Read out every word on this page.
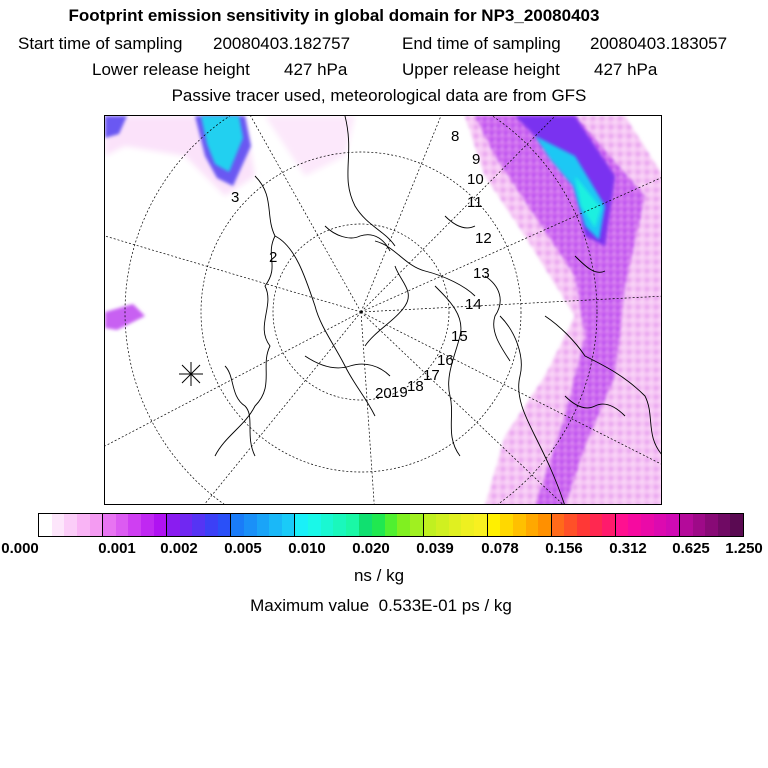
Footprint emission sensitivity in global domain for NP3_20080403
Start time of sampling 20080403.182757	End time of sampling 20080403.183057
Lower release height 427 hPa	Upper release height 427 hPa
Passive tracer used, meteorological data are from GFS
2
3
8
9
10
11
12
13
14
15
16
17
18
19
20
0.000	0.001 0.002 0.005 0.010 0.020 0.039 0.078 0.156 0.312 0.625 1.250
ns / kg
Maximum value 0.533E-01 ps / kg
